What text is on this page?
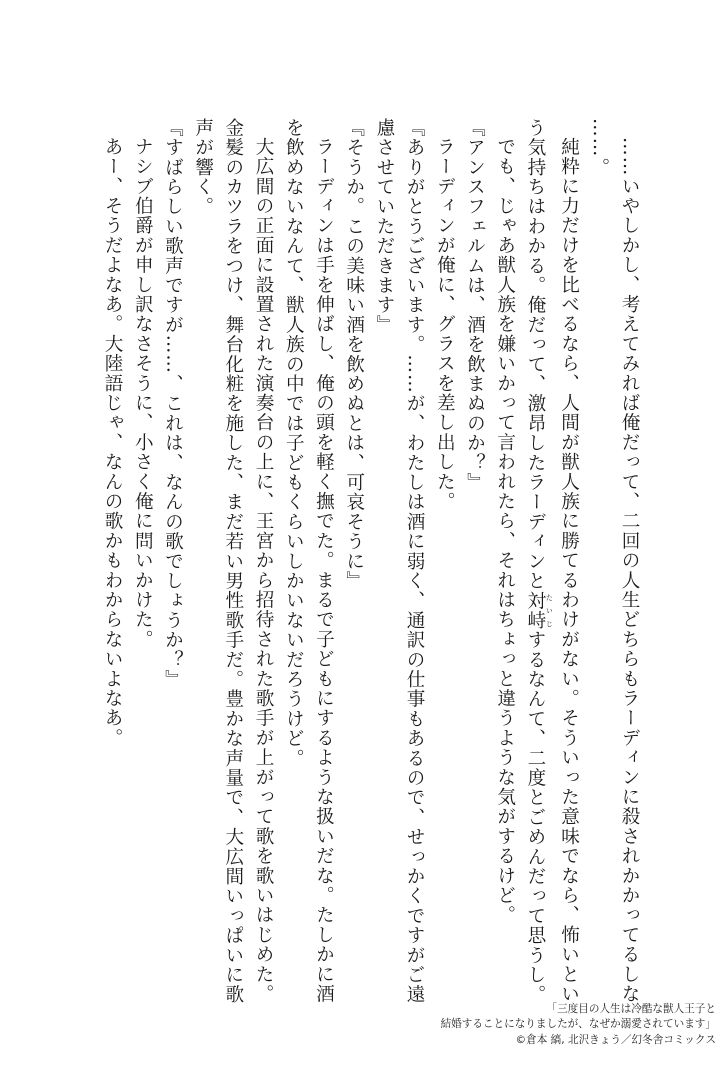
……いやしかし、考えてみれば俺だって、二回の人生どちらもラーディンに殺されかかってるしな
……。
純粋に力だけを比べるなら、人間が獣人族に勝てるわけがない。そういった意味でなら、怖いとい
う気持ちはわかる。俺だって、激昂したラーディンと対峙 たいじするなんて、二度とごめんだって思うし。
でも、じゃあ獣人族を嫌いかって言われたら、それはちょっと違うような気がするけど。
『アンスフェルムは、酒を飲まぬのか？』
ラーディンが俺に、グラスを差し出した。
『ありがとうございます。……が、わたしは酒に弱く、通訳の仕事もあるので、せっかくですがご遠
慮させていただきます』
『そうか。この美味い酒を飲めぬとは、可哀そうに』
ラーディンは手を伸ばし、俺の頭を軽く撫でた。まるで子どもにするような扱いだな。たしかに酒
を飲めないなんて、獣人族の中では子どもくらいしかいないだろうけど。
大広間の正面に設置された演奏台の上に、王宮から招待された歌手が上がって歌を歌いはじめた。
金髪のカツラをつけ、舞台化粧を施した、まだ若い男性歌手だ。豊かな声量で、大広間いっぱいに歌
声が響く。
『すばらしい歌声ですが……、これは、なんの歌でしょうか？』
ナシブ伯爵が申し訳なさそうに、小さく俺に問いかけた。
あー、そうだよなあ。大陸語じゃ、なんの歌かもわからないよなあ。
「三度目の人生は冷酷な獣人王子と
結婚することになりましたが、なぜか溺愛されています」
©倉本 縞, 北沢きょう／幻冬舎コミックス
